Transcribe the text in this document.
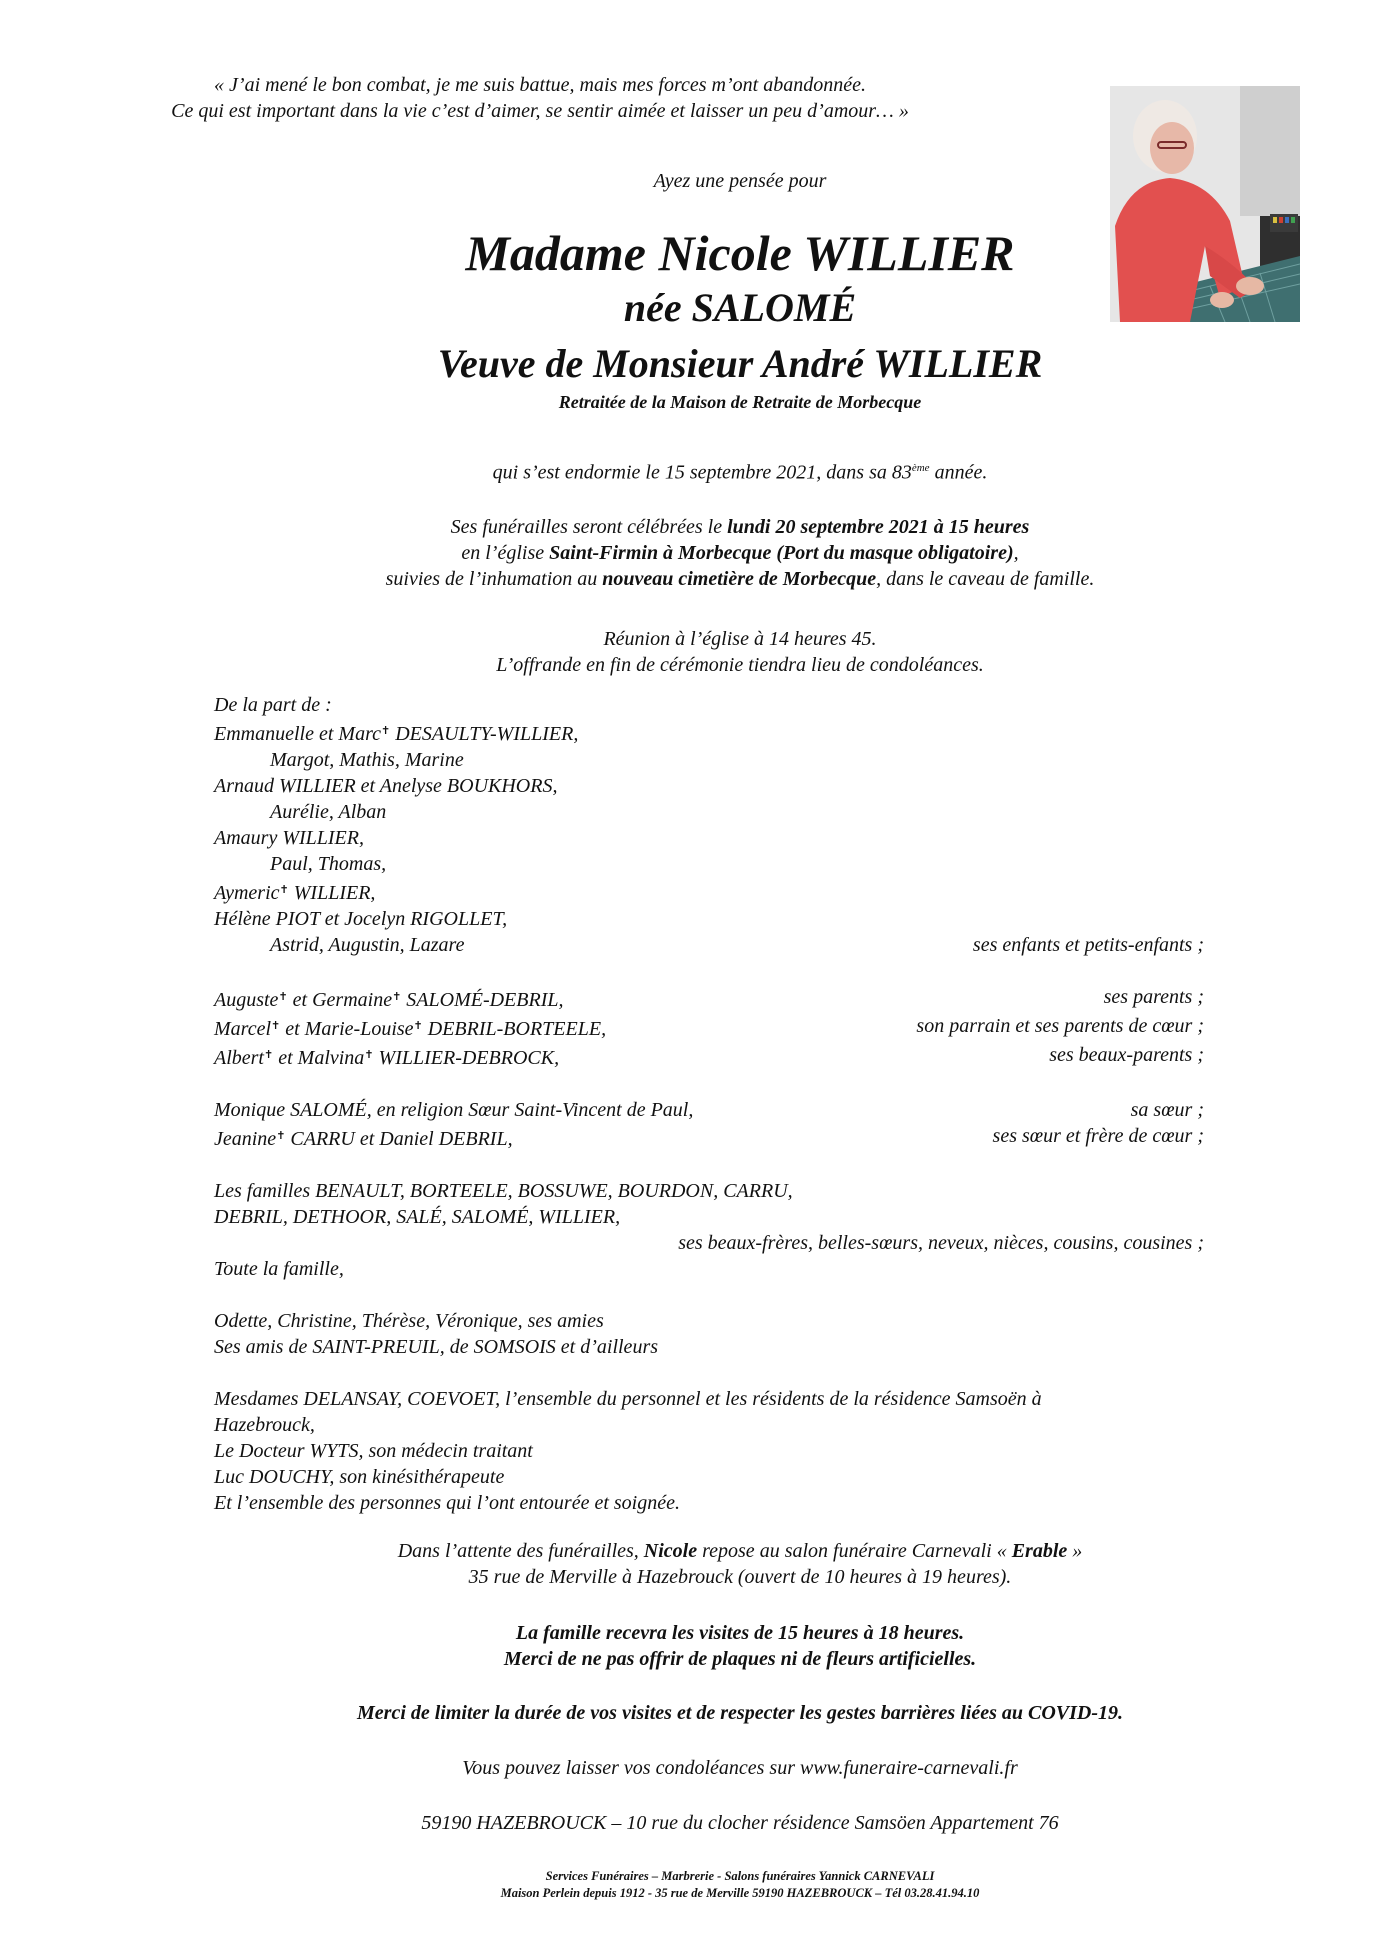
« J’ai mené le bon combat, je me suis battue, mais mes forces m’ont abandonnée.
Ce qui est important dans la vie c’est d’aimer, se sentir aimée et laisser un peu d’amour… »
Ayez une pensée pour
Madame Nicole WILLIER
née SALOMÉ
Veuve de Monsieur André WILLIER
Retraitée de la Maison de Retraite de Morbecque
qui s’est endormie le 15 septembre 2021, dans sa 83ème année.
Ses funérailles seront célébrées le lundi 20 septembre 2021 à 15 heures
en l’église Saint-Firmin à Morbecque (Port du masque obligatoire),
suivies de l’inhumation au nouveau cimetière de Morbecque, dans le caveau de famille.
Réunion à l’église à 14 heures 45.
L’offrande en fin de cérémonie tiendra lieu de condoléances.
De la part de :
Emmanuelle et Marc✝ DESAULTY-WILLIER,
Margot, Mathis, Marine
Arnaud WILLIER et Anelyse BOUKHORS,
Aurélie, Alban
Amaury WILLIER,
Paul, Thomas,
Aymeric✝ WILLIER,
Hélène PIOT et Jocelyn RIGOLLET,
Astrid, Augustin, Lazare	ses enfants et petits-enfants ;
Auguste✝ et Germaine✝ SALOMÉ-DEBRIL,	ses parents ;
Marcel✝ et Marie-Louise✝ DEBRIL-BORTEELE,	son parrain et ses parents de cœur ;
Albert✝ et Malvina✝ WILLIER-DEBROCK,	ses beaux-parents ;
Monique SALOMÉ, en religion Sœur Saint-Vincent de Paul,	sa sœur ;
Jeanine✝ CARRU et Daniel DEBRIL,	ses sœur et frère de cœur ;
Les familles BENAULT, BORTEELE, BOSSUWE, BOURDON, CARRU,
DEBRIL, DETHOOR, SALÉ, SALOMÉ, WILLIER,
ses beaux-frères, belles-sœurs, neveux, nièces, cousins, cousines ;
Toute la famille,
Odette, Christine, Thérèse, Véronique, ses amies
Ses amis de SAINT-PREUIL, de SOMSOIS et d’ailleurs
Mesdames DELANSAY, COEVOET, l’ensemble du personnel et les résidents de la résidence Samsoën à
Hazebrouck,
Le Docteur WYTS, son médecin traitant
Luc DOUCHY, son kinésithérapeute
Et l’ensemble des personnes qui l’ont entourée et soignée.
Dans l’attente des funérailles, Nicole repose au salon funéraire Carnevali « Erable »
35 rue de Merville à Hazebrouck (ouvert de 10 heures à 19 heures).
La famille recevra les visites de 15 heures à 18 heures.
Merci de ne pas offrir de plaques ni de fleurs artificielles.
Merci de limiter la durée de vos visites et de respecter les gestes barrières liées au COVID-19.
Vous pouvez laisser vos condoléances sur www.funeraire-carnevali.fr
59190 HAZEBROUCK – 10 rue du clocher résidence Samsöen Appartement 76
Services Funéraires – Marbrerie - Salons funéraires Yannick CARNEVALI
Maison Perlein depuis 1912 - 35 rue de Merville 59190 HAZEBROUCK – Tél 03.28.41.94.10
